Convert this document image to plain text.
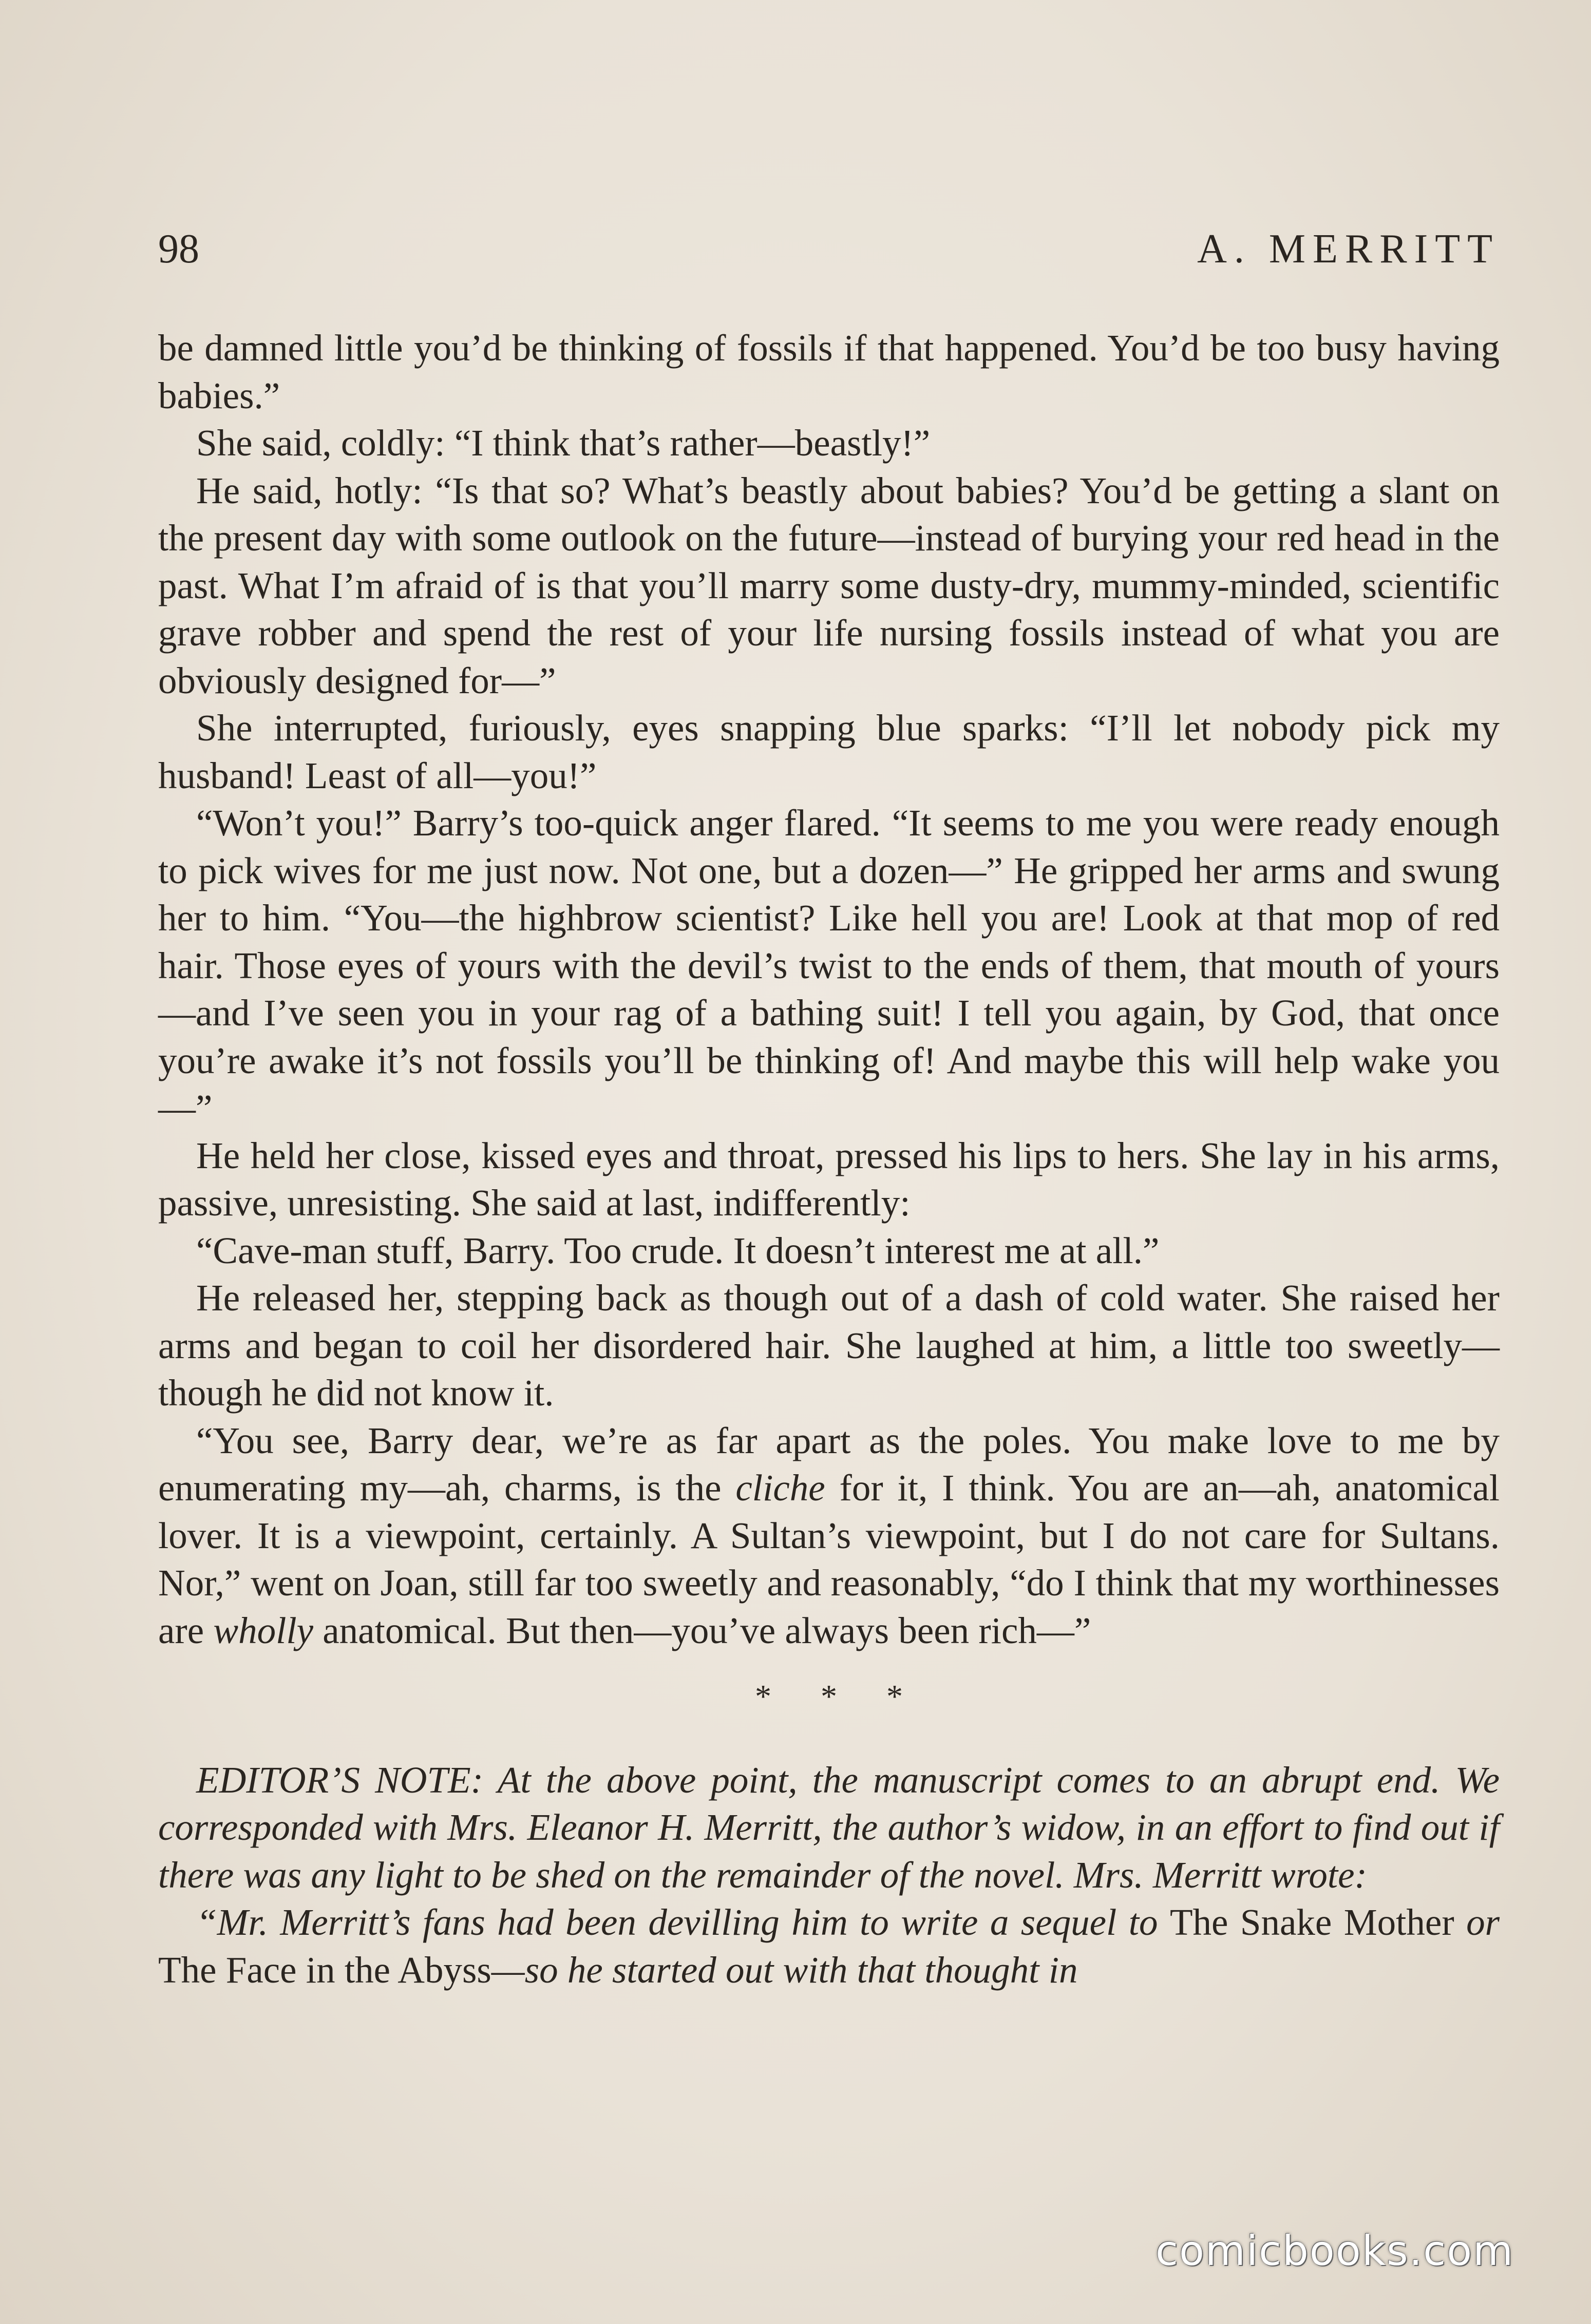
98	A. MERRITT

be damned little you’d be thinking of fossils if that happened. You’d be too busy having babies.”

She said, coldly: “I think that’s rather—beastly!”

He said, hotly: “Is that so? What’s beastly about babies? You’d be getting a slant on the present day with some outlook on the future—instead of burying your red head in the past. What I’m afraid of is that you’ll marry some dusty-dry, mummy-minded, scientific grave robber and spend the rest of your life nursing fossils instead of what you are obviously designed for—”

She interrupted, furiously, eyes snapping blue sparks: “I’ll let nobody pick my husband! Least of all—you!”

“Won’t you!” Barry’s too-quick anger flared. “It seems to me you were ready enough to pick wives for me just now. Not one, but a dozen—” He gripped her arms and swung her to him. “You—the highbrow scientist? Like hell you are! Look at that mop of red hair. Those eyes of yours with the devil’s twist to the ends of them, that mouth of yours—and I’ve seen you in your rag of a bathing suit! I tell you again, by God, that once you’re awake it’s not fossils you’ll be thinking of! And maybe this will help wake you—”

He held her close, kissed eyes and throat, pressed his lips to hers. She lay in his arms, passive, unresisting. She said at last, indifferently:

“Cave-man stuff, Barry. Too crude. It doesn’t interest me at all.”

He released her, stepping back as though out of a dash of cold water. She raised her arms and began to coil her disordered hair. She laughed at him, a little too sweetly—though he did not know it.

“You see, Barry dear, we’re as far apart as the poles. You make love to me by enumerating my—ah, charms, is the cliche for it, I think. You are an—ah, anatomical lover. It is a viewpoint, certainly. A Sultan’s viewpoint, but I do not care for Sultans. Nor,” went on Joan, still far too sweetly and reasonably, “do I think that my worthinesses are wholly anatomical. But then—you’ve always been rich—”

* * *

EDITOR’S NOTE: At the above point, the manuscript comes to an abrupt end. We corresponded with Mrs. Eleanor H. Merritt, the author’s widow, in an effort to find out if there was any light to be shed on the remainder of the novel. Mrs. Merritt wrote:

“Mr. Merritt’s fans had been devilling him to write a sequel to The Snake Mother or The Face in the Abyss—so he started out with that thought in

comicbooks.com
